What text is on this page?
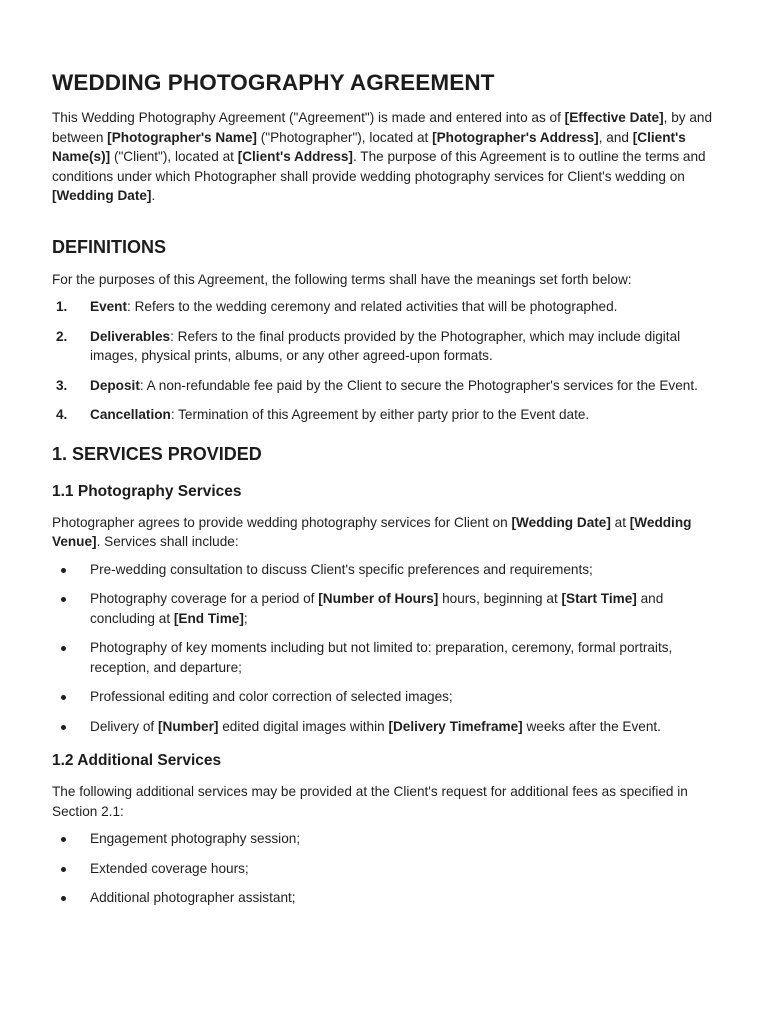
WEDDING PHOTOGRAPHY AGREEMENT

This Wedding Photography Agreement ("Agreement") is made and entered into as of [Effective Date], by and between [Photographer's Name] ("Photographer"), located at [Photographer's Address], and [Client's Name(s)] ("Client"), located at [Client's Address]. The purpose of this Agreement is to outline the terms and conditions under which Photographer shall provide wedding photography services for Client's wedding on [Wedding Date].

DEFINITIONS

For the purposes of this Agreement, the following terms shall have the meanings set forth below:

1. Event: Refers to the wedding ceremony and related activities that will be photographed.
2. Deliverables: Refers to the final products provided by the Photographer, which may include digital images, physical prints, albums, or any other agreed-upon formats.
3. Deposit: A non-refundable fee paid by the Client to secure the Photographer's services for the Event.
4. Cancellation: Termination of this Agreement by either party prior to the Event date.
1. SERVICES PROVIDED
1.1 Photography Services

Photographer agrees to provide wedding photography services for Client on [Wedding Date] at [Wedding Venue]. Services shall include:

Pre-wedding consultation to discuss Client's specific preferences and requirements;
Photography coverage for a period of [Number of Hours] hours, beginning at [Start Time] and concluding at [End Time];
Photography of key moments including but not limited to: preparation, ceremony, formal portraits, reception, and departure;
Professional editing and color correction of selected images;
Delivery of [Number] edited digital images within [Delivery Timeframe] weeks after the Event.
1.2 Additional Services

The following additional services may be provided at the Client's request for additional fees as specified in Section 2.1:

Engagement photography session;
Extended coverage hours;
Additional photographer assistant;
